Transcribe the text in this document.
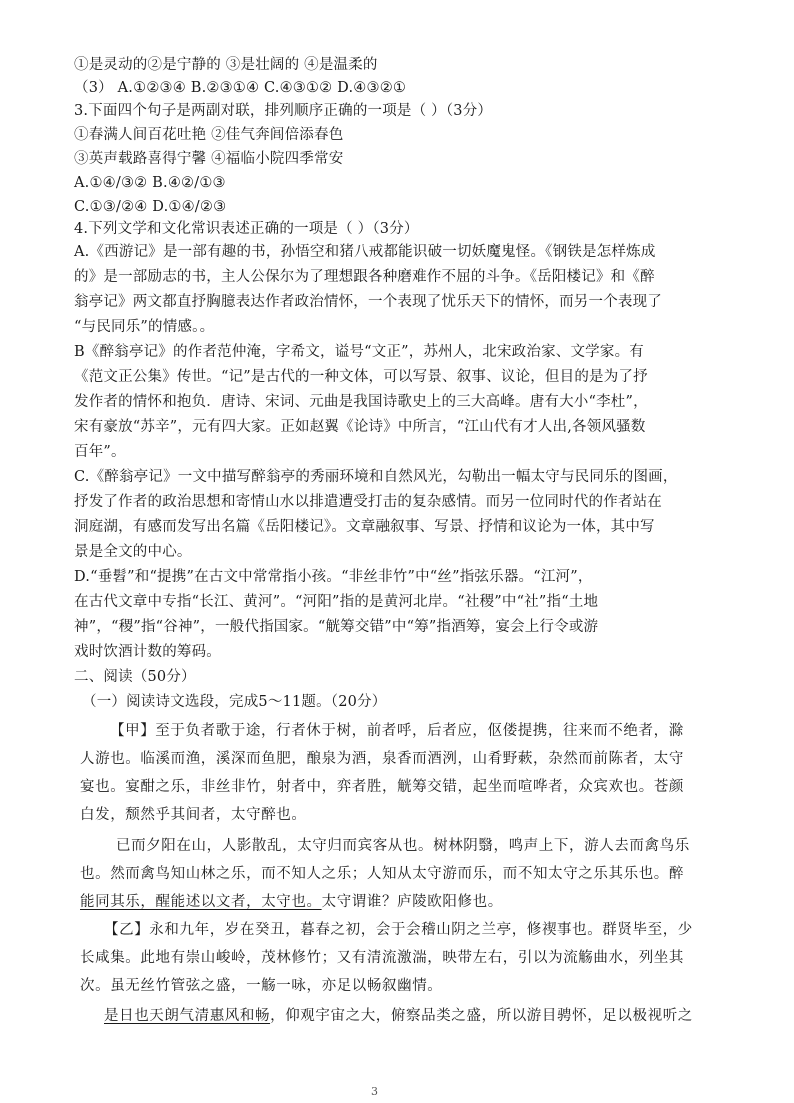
①是灵动的②是宁静的 ③是壮阔的 ④是温柔的
（3） A.①②③④ B.②③①④ C.④③①② D.④③②①
3.下面四个句子是两副对联，排列顺序正确的一项是（ ）（3分）
①春满人间百花吐艳 ②佳气奔闾倍添春色
③英声载路喜得宁馨 ④福临小院四季常安
A.①④/③② B.④②/①③
C.①③/②④ D.①④/②③
4.下列文学和文化常识表述正确的一项是（ ）（3分）
A.《西游记》是一部有趣的书，孙悟空和猪八戒都能识破一切妖魔鬼怪。《钢铁是怎样炼成
的》是一部励志的书，主人公保尔为了理想跟各种磨难作不屈的斗争。《岳阳楼记》和《醉
翁亭记》两文都直抒胸臆表达作者政治情怀，一个表现了忧乐天下的情怀，而另一个表现了
“与民同乐”的情感。。
B《醉翁亭记》的作者范仲淹，字希文，谥号“文正”，苏州人，北宋政治家、文学家。有
《范文正公集》传世。“记”是古代的一种文体，可以写景、叙事、议论，但目的是为了抒
发作者的情怀和抱负．唐诗、宋词、元曲是我国诗歌史上的三大高峰。唐有大小“李杜”，
宋有豪放“苏辛”，元有四大家。正如赵翼《论诗》中所言，“江山代有才人出,各领风骚数
百年”。
C.《醉翁亭记》一文中描写醉翁亭的秀丽环境和自然风光，勾勒出一幅太守与民同乐的图画，
抒发了作者的政治思想和寄情山水以排遣遭受打击的复杂感情。而另一位同时代的作者站在
洞庭湖，有感而发写出名篇《岳阳楼记》。文章融叙事、写景、抒情和议论为一体，其中写
景是全文的中心。
D.“垂髫”和“提携”在古文中常常指小孩。“非丝非竹”中“丝”指弦乐器。“江河”，
在古代文章中专指“长江、黄河”。“河阳”指的是黄河北岸。“社稷”中“社”指“土地
神”，“稷”指“谷神”，一般代指国家。“觥筹交错”中“筹”指酒筹，宴会上行令或游
戏时饮酒计数的筹码。
二、阅读（50分）
（一）阅读诗文选段，完成5～11题。（20分）
【甲】至于负者歌于途，行者休于树，前者呼，后者应，伛偻提携，往来而不绝者，滁
人游也。临溪而渔，溪深而鱼肥，酿泉为酒，泉香而酒洌，山肴野蔌，杂然而前陈者，太守
宴也。宴酣之乐，非丝非竹，射者中，弈者胜，觥筹交错，起坐而喧哗者，众宾欢也。苍颜
白发，颓然乎其间者，太守醉也。
已而夕阳在山，人影散乱，太守归而宾客从也。树林阴翳，鸣声上下，游人去而禽鸟乐
也。然而禽鸟知山林之乐，而不知人之乐；人知从太守游而乐，而不知太守之乐其乐也。醉
能同其乐，醒能述以文者，太守也。太守谓谁？庐陵欧阳修也。
【乙】永和九年，岁在癸丑，暮春之初，会于会稽山阴之兰亭，修禊事也。群贤毕至，少
长咸集。此地有崇山峻岭，茂林修竹；又有清流激湍，映带左右，引以为流觞曲水，列坐其
次。虽无丝竹管弦之盛，一觞一咏，亦足以畅叙幽情。
是日也天朗气清惠风和畅，仰观宇宙之大，俯察品类之盛，所以游目骋怀，足以极视听之
3
